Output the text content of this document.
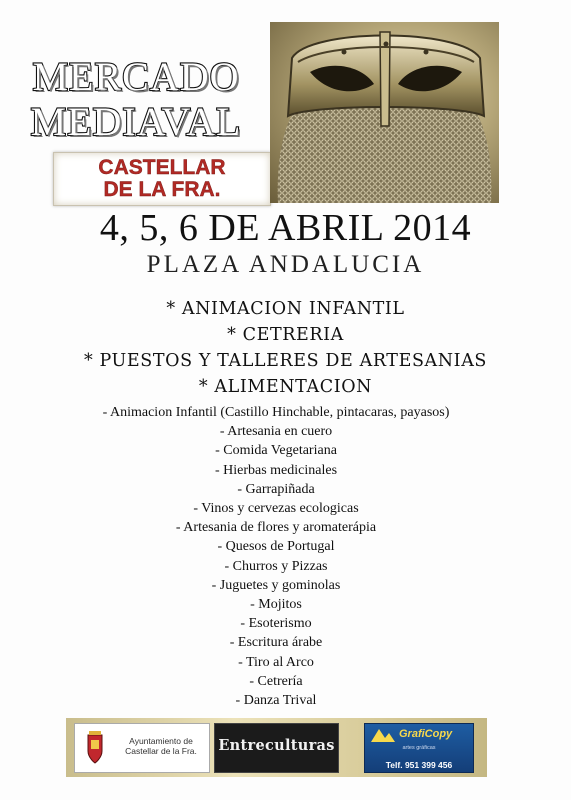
MERCADO
MEDIAVAL
CASTELLAR
DE LA FRA.
4, 5, 6 DE ABRIL 2014
PLAZA ANDALUCIA
* ANIMACION INFANTIL
* CETRERIA
* PUESTOS Y TALLERES DE ARTESANIAS
* ALIMENTACION
- Animacion Infantil (Castillo Hinchable, pintacaras, payasos)
- Artesania en cuero
- Comida Vegetariana
- Hierbas medicinales
- Garrapiñada
- Vinos y cervezas ecologicas
- Artesania de flores y aromaterápia
- Quesos de Portugal
- Churros y Pizzas
- Juguetes y gominolas
- Mojitos
- Esoterismo
- Escritura árabe
- Tiro al Arco
- Cetrería
- Danza Trival
Ayuntamiento de Castellar de la Fra.	Entreculturas
GrafiCopy
artes gráficas
Telf. 951 399 456
